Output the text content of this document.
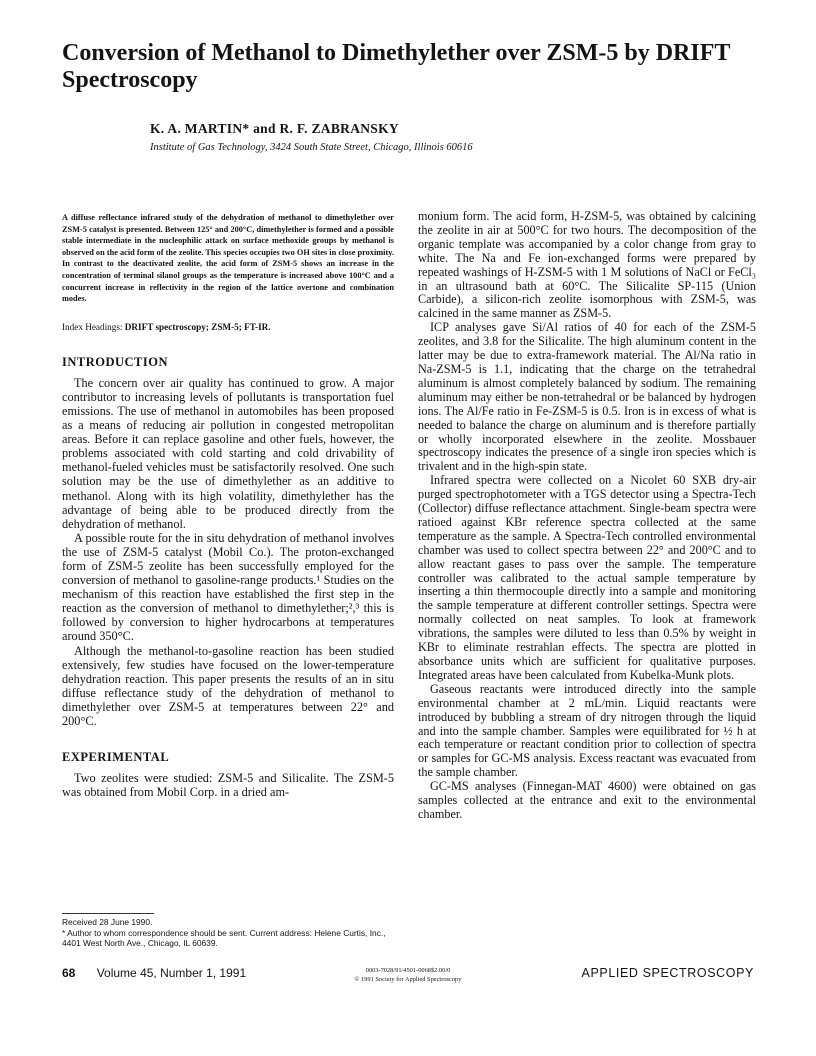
Conversion of Methanol to Dimethylether over ZSM-5 by DRIFT Spectroscopy

K. A. MARTIN* and R. F. ZABRANSKY

Institute of Gas Technology, 3424 South State Street, Chicago, Illinois 60616

A diffuse reflectance infrared study of the dehydration of methanol to dimethylether over ZSM-5 catalyst is presented. Between 125° and 200°C, dimethylether is formed and a possible stable intermediate in the nucleophilic attack on surface methoxide groups by methanol is observed on the acid form of the zeolite. This species occupies two OH sites in close proximity. In contrast to the deactivated zeolite, the acid form of ZSM-5 shows an increase in the concentration of terminal silanol groups as the temperature is increased above 100°C and a concurrent increase in reflectivity in the region of the lattice overtone and combination modes.

Index Headings: DRIFT spectroscopy; ZSM-5; FT-IR.

INTRODUCTION

The concern over air quality has continued to grow. A major contributor to increasing levels of pollutants is transportation fuel emissions. The use of methanol in automobiles has been proposed as a means of reducing air pollution in congested metropolitan areas. Before it can replace gasoline and other fuels, however, the problems associated with cold starting and cold drivability of methanol-fueled vehicles must be satisfactorily resolved. One such solution may be the use of dimethylether as an additive to methanol. Along with its high volatility, dimethylether has the advantage of being able to be produced directly from the dehydration of methanol.

A possible route for the in situ dehydration of methanol involves the use of ZSM-5 catalyst (Mobil Co.). The proton-exchanged form of ZSM-5 zeolite has been successfully employed for the conversion of methanol to gasoline-range products.¹ Studies on the mechanism of this reaction have established the first step in the reaction as the conversion of methanol to dimethylether;²,³ this is followed by conversion to higher hydrocarbons at temperatures around 350°C.

Although the methanol-to-gasoline reaction has been studied extensively, few studies have focused on the lower-temperature dehydration reaction. This paper presents the results of an in situ diffuse reflectance study of the dehydration of methanol to dimethylether over ZSM-5 at temperatures between 22° and 200°C.

EXPERIMENTAL

Two zeolites were studied: ZSM-5 and Silicalite. The ZSM-5 was obtained from Mobil Corp. in a dried am-

monium form. The acid form, H-ZSM-5, was obtained by calcining the zeolite in air at 500°C for two hours. The decomposition of the organic template was accompanied by a color change from gray to white. The Na and Fe ion-exchanged forms were prepared by repeated washings of H-ZSM-5 with 1 M solutions of NaCl or FeCl₃ in an ultrasound bath at 60°C. The Silicalite SP-115 (Union Carbide), a silicon-rich zeolite isomorphous with ZSM-5, was calcined in the same manner as ZSM-5.

ICP analyses gave Si/Al ratios of 40 for each of the ZSM-5 zeolites, and 3.8 for the Silicalite. The high aluminum content in the latter may be due to extra-framework material. The Al/Na ratio in Na-ZSM-5 is 1.1, indicating that the charge on the tetrahedral aluminum is almost completely balanced by sodium. The remaining aluminum may either be non-tetrahedral or be balanced by hydrogen ions. The Al/Fe ratio in Fe-ZSM-5 is 0.5. Iron is in excess of what is needed to balance the charge on aluminum and is therefore partially or wholly incorporated elsewhere in the zeolite. Mossbauer spectroscopy indicates the presence of a single iron species which is trivalent and in the high-spin state.

Infrared spectra were collected on a Nicolet 60 SXB dry-air purged spectrophotometer with a TGS detector using a Spectra-Tech (Collector) diffuse reflectance attachment. Single-beam spectra were ratioed against KBr reference spectra collected at the same temperature as the sample. A Spectra-Tech controlled environmental chamber was used to collect spectra between 22° and 200°C and to allow reactant gases to pass over the sample. The temperature controller was calibrated to the actual sample temperature by inserting a thin thermocouple directly into a sample and monitoring the sample temperature at different controller settings. Spectra were normally collected on neat samples. To look at framework vibrations, the samples were diluted to less than 0.5% by weight in KBr to eliminate restrahlan effects. The spectra are plotted in absorbance units which are sufficient for qualitative purposes. Integrated areas have been calculated from Kubelka-Munk plots.

Gaseous reactants were introduced directly into the sample environmental chamber at 2 mL/min. Liquid reactants were introduced by bubbling a stream of dry nitrogen through the liquid and into the sample chamber. Samples were equilibrated for ½ h at each temperature or reactant condition prior to collection of spectra or samples for GC-MS analysis. Excess reactant was evacuated from the sample chamber.

GC-MS analyses (Finnegan-MAT 4600) were obtained on gas samples collected at the entrance and exit to the environmental chamber.

Received 28 June 1990.
* Author to whom correspondence should be sent. Current address: Helene Curtis, Inc., 4401 West North Ave., Chicago, IL 60639.

68 Volume 45, Number 1, 1991	0003-7028/91/4501-0068$2.00/0
© 1991 Society for Applied Spectroscopy	APPLIED SPECTROSCOPY
